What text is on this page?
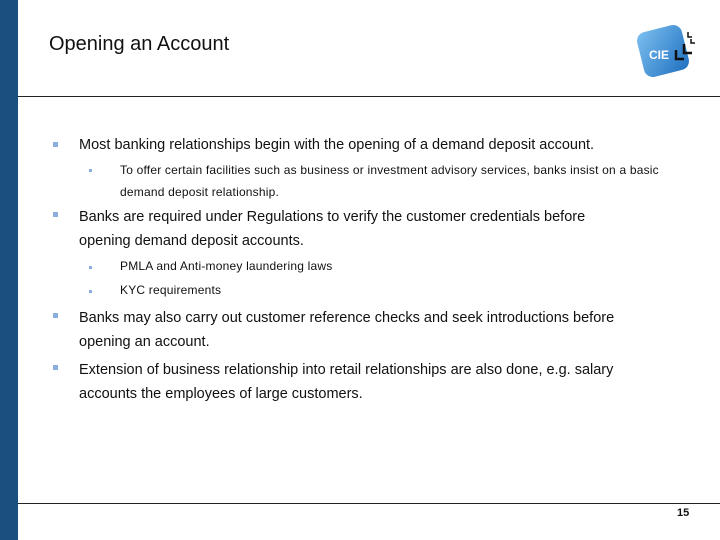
Opening an Account	CIE
Most banking relationships begin with the opening of a demand deposit account.
To offer certain facilities such as business or investment advisory services, banks insist on a basic demand deposit relationship.
Banks are required under Regulations to verify the customer credentials before opening demand deposit accounts.
PMLA and Anti-money laundering laws
KYC requirements
Banks may also carry out customer reference checks and seek introductions before opening an account.
Extension of business relationship into retail relationships are also done, e.g. salary accounts the employees of large customers.
15
